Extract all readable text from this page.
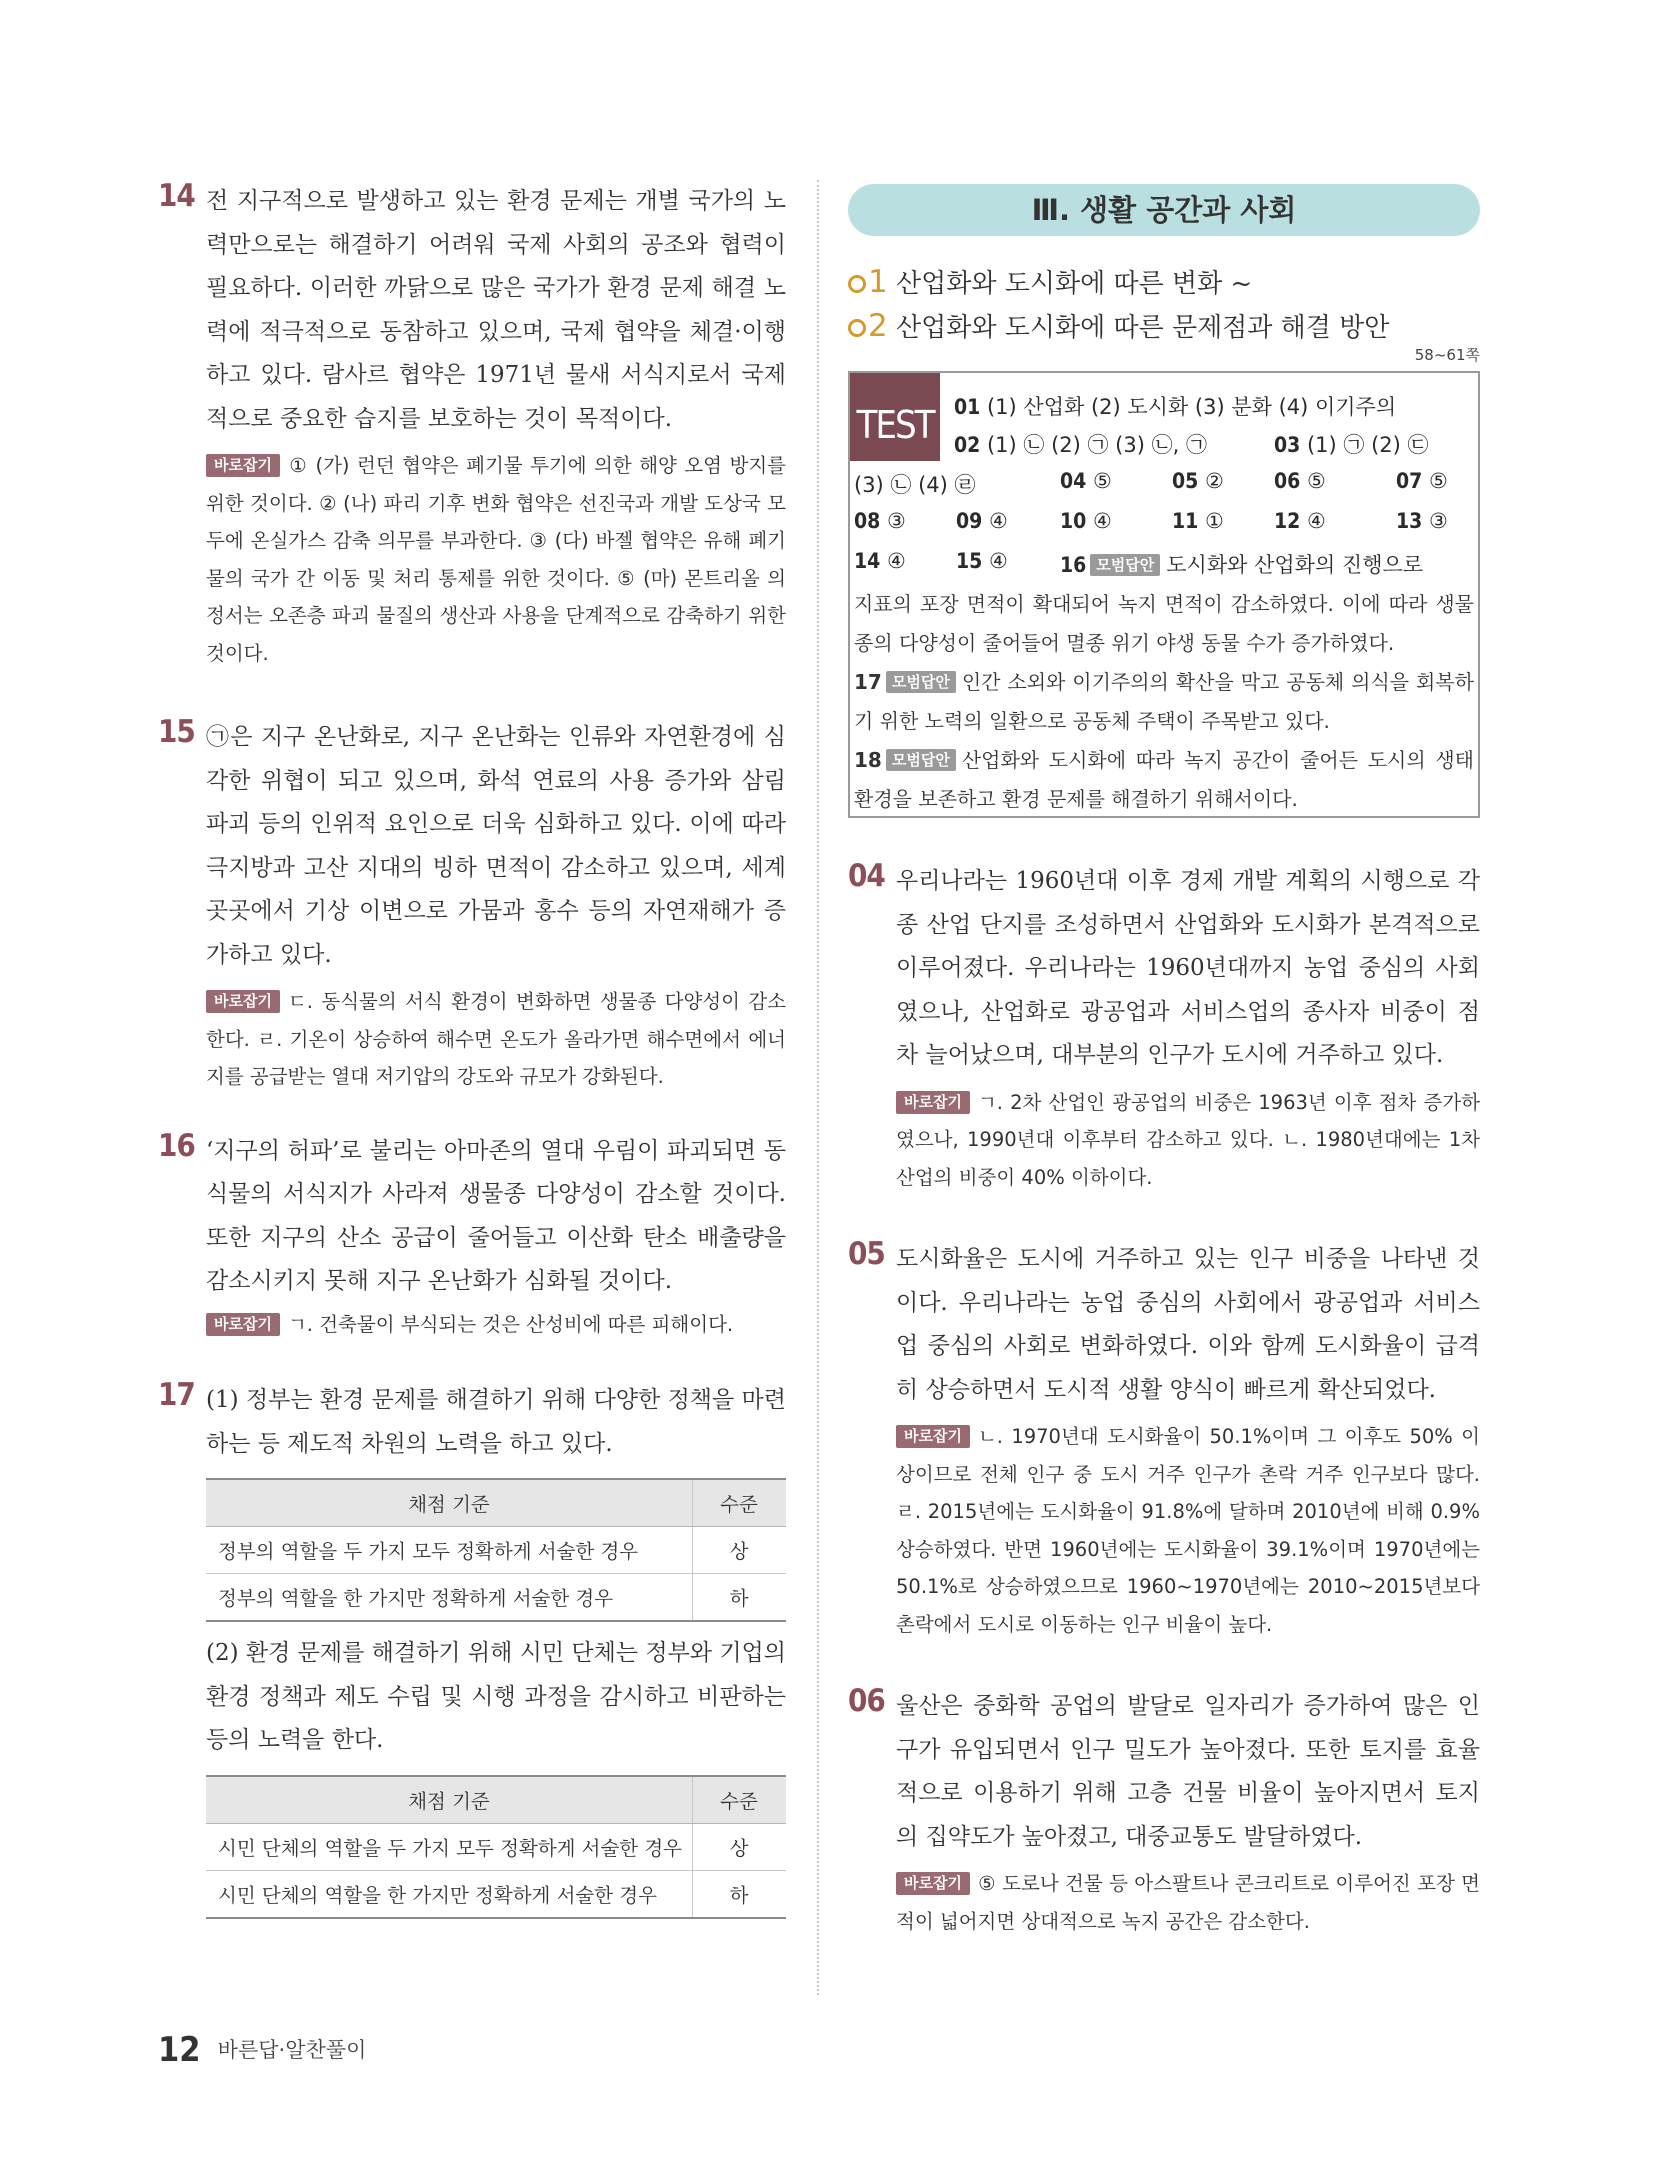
14 전 지구적으로 발생하고 있는 환경 문제는 개별 국가의 노력만으로는 해결하기 어려워 국제 사회의 공조와 협력이 필요하다. 이러한 까닭으로 많은 국가가 환경 문제 해결 노력에 적극적으로 동참하고 있으며, 국제 협약을 체결·이행하고 있다. 람사르 협약은 1971년 물새 서식지로서 국제적으로 중요한 습지를 보호하는 것이 목적이다.
바로잡기 ① (가) 런던 협약은 폐기물 투기에 의한 해양 오염 방지를 위한 것이다. ② (나) 파리 기후 변화 협약은 선진국과 개발 도상국 모두에 온실가스 감축 의무를 부과한다. ③ (다) 바젤 협약은 유해 폐기물의 국가 간 이동 및 처리 통제를 위한 것이다. ⑤ (마) 몬트리올 의정서는 오존층 파괴 물질의 생산과 사용을 단계적으로 감축하기 위한 것이다.
15 ㉠은 지구 온난화로, 지구 온난화는 인류와 자연환경에 심각한 위협이 되고 있으며, 화석 연료의 사용 증가와 삼림 파괴 등의 인위적 요인으로 더욱 심화하고 있다. 이에 따라 극지방과 고산 지대의 빙하 면적이 감소하고 있으며, 세계 곳곳에서 기상 이변으로 가뭄과 홍수 등의 자연재해가 증가하고 있다.
바로잡기 ㄷ. 동식물의 서식 환경이 변화하면 생물종 다양성이 감소한다. ㄹ. 기온이 상승하여 해수면 온도가 올라가면 해수면에서 에너지를 공급받는 열대 저기압의 강도와 규모가 강화된다.
16 ‘지구의 허파’로 불리는 아마존의 열대 우림이 파괴되면 동식물의 서식지가 사라져 생물종 다양성이 감소할 것이다. 또한 지구의 산소 공급이 줄어들고 이산화 탄소 배출량을 감소시키지 못해 지구 온난화가 심화될 것이다.
바로잡기 ㄱ. 건축물이 부식되는 것은 산성비에 따른 피해이다.
17 (1) 정부는 환경 문제를 해결하기 위해 다양한 정책을 마련하는 등 제도적 차원의 노력을 하고 있다.
채점 기준	수준
정부의 역할을 두 가지 모두 정확하게 서술한 경우	상
정부의 역할을 한 가지만 정확하게 서술한 경우	하
(2) 환경 문제를 해결하기 위해 시민 단체는 정부와 기업의 환경 정책과 제도 수립 및 시행 과정을 감시하고 비판하는 등의 노력을 한다.
채점 기준	수준
시민 단체의 역할을 두 가지 모두 정확하게 서술한 경우	상
시민 단체의 역할을 한 가지만 정확하게 서술한 경우	하
Ⅲ. 생활 공간과 사회
1 산업화와 도시화에 따른 변화 ~
2 산업화와 도시화에 따른 문제점과 해결 방안
58~61쪽
TEST 01 (1) 산업화 (2) 도시화 (3) 분화 (4) 이기주의
02 (1) ㉡ (2) ㉠ (3) ㉡, ㉠	03 (1) ㉠ (2) ㉢
(3) ㉡ (4) ㉣	04 ⑤	05 ② 06 ⑤	07 ⑤
08 ③ 09 ④ 10 ④	11 ① 12 ④	13 ③
14 ④ 15 ④ 16 모범답안 도시화와 산업화의 진행으로
지표의 포장 면적이 확대되어 녹지 면적이 감소하였다. 이에 따라 생물종의 다양성이 줄어들어 멸종 위기 야생 동물 수가 증가하였다.
17 모범답안 인간 소외와 이기주의의 확산을 막고 공동체 의식을 회복하기 위한 노력의 일환으로 공동체 주택이 주목받고 있다.
18 모범답안 산업화와 도시화에 따라 녹지 공간이 줄어든 도시의 생태 환경을 보존하고 환경 문제를 해결하기 위해서이다.
04 우리나라는 1960년대 이후 경제 개발 계획의 시행으로 각종 산업 단지를 조성하면서 산업화와 도시화가 본격적으로 이루어졌다. 우리나라는 1960년대까지 농업 중심의 사회였으나, 산업화로 광공업과 서비스업의 종사자 비중이 점차 늘어났으며, 대부분의 인구가 도시에 거주하고 있다.
바로잡기 ㄱ. 2차 산업인 광공업의 비중은 1963년 이후 점차 증가하였으나, 1990년대 이후부터 감소하고 있다. ㄴ. 1980년대에는 1차 산업의 비중이 40% 이하이다.
05 도시화율은 도시에 거주하고 있는 인구 비중을 나타낸 것이다. 우리나라는 농업 중심의 사회에서 광공업과 서비스업 중심의 사회로 변화하였다. 이와 함께 도시화율이 급격히 상승하면서 도시적 생활 양식이 빠르게 확산되었다.
바로잡기 ㄴ. 1970년대 도시화율이 50.1%이며 그 이후도 50% 이상이므로 전체 인구 중 도시 거주 인구가 촌락 거주 인구보다 많다. ㄹ. 2015년에는 도시화율이 91.8%에 달하며 2010년에 비해 0.9% 상승하였다. 반면 1960년에는 도시화율이 39.1%이며 1970년에는 50.1%로 상승하였으므로 1960~1970년에는 2010~2015년보다 촌락에서 도시로 이동하는 인구 비율이 높다.
06 울산은 중화학 공업의 발달로 일자리가 증가하여 많은 인구가 유입되면서 인구 밀도가 높아졌다. 또한 토지를 효율적으로 이용하기 위해 고층 건물 비율이 높아지면서 토지의 집약도가 높아졌고, 대중교통도 발달하였다.
바로잡기 ⑤ 도로나 건물 등 아스팔트나 콘크리트로 이루어진 포장 면적이 넓어지면 상대적으로 녹지 공간은 감소한다.
12 바른답·알찬풀이
